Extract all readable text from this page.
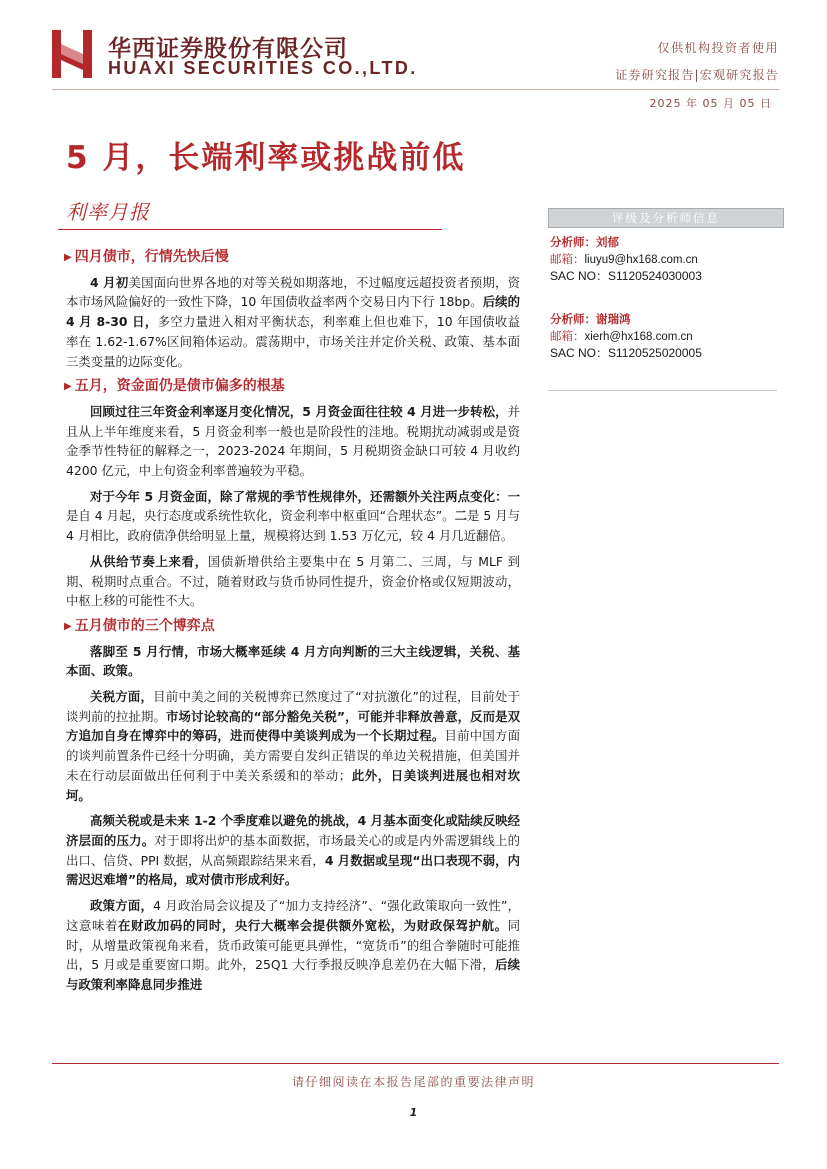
华西证券股份有限公司
HUAXI SECURITIES CO.,LTD.
仅供机构投资者使用
证券研究报告|宏观研究报告
2025 年 05 月 05 日
5 月，长端利率或挑战前低
利率月报
▶ 四月债市，行情先快后慢

4 月初美国面向世界各地的对等关税如期落地，不过幅度远超投资者预期，资本市场风险偏好的一致性下降，10 年国债收益率两个交易日内下行 18bp。后续的 4 月 8-30 日，多空力量进入相对平衡状态，利率难上但也难下，10 年国债收益率在 1.62-1.67%区间箱体运动。震荡期中，市场关注并定价关税、政策、基本面三类变量的边际变化。

▶ 五月，资金面仍是债市偏多的根基

回顾过往三年资金利率逐月变化情况，5 月资金面往往较 4 月进一步转松，并且从上半年维度来看，5 月资金利率一般也是阶段性的洼地。税期扰动减弱或是资金季节性特征的解释之一，2023-2024 年期间，5 月税期资金缺口可较 4 月收约 4200 亿元，中上旬资金利率普遍较为平稳。

对于今年 5 月资金面，除了常规的季节性规律外，还需额外关注两点变化：一是自 4 月起，央行态度或系统性软化，资金利率中枢重回“合理状态”。二是 5 月与 4 月相比，政府债净供给明显上量，规模将达到 1.53 万亿元，较 4 月几近翻倍。

从供给节奏上来看，国债新增供给主要集中在 5 月第二、三周，与 MLF 到期、税期时点重合。不过，随着财政与货币协同性提升，资金价格或仅短期波动，中枢上移的可能性不大。

▶ 五月债市的三个博弈点

落脚至 5 月行情，市场大概率延续 4 月方向判断的三大主线逻辑，关税、基本面、政策。

关税方面，目前中美之间的关税博弈已然度过了“对抗激化”的过程，目前处于谈判前的拉扯期。市场讨论较高的“部分豁免关税”，可能并非释放善意，反而是双方追加自身在博弈中的筹码，进而使得中美谈判成为一个长期过程。目前中国方面的谈判前置条件已经十分明确，美方需要自发纠正错误的单边关税措施，但美国并未在行动层面做出任何利于中美关系缓和的举动；此外，日美谈判进展也相对坎坷。

高频关税或是未来 1-2 个季度难以避免的挑战，4 月基本面变化或陆续反映经济层面的压力。对于即将出炉的基本面数据，市场最关心的或是内外需逻辑线上的出口、信贷、PPI 数据，从高频跟踪结果来看，4 月数据或呈现“出口表现不弱，内需迟迟难增”的格局，或对债市形成利好。

政策方面，4 月政治局会议提及了“加力支持经济”、“强化政策取向一致性”，这意味着在财政加码的同时，央行大概率会提供额外宽松，为财政保驾护航。同时，从增量政策视角来看，货币政策可能更具弹性，“宽货币”的组合拳随时可能推出，5 月或是重要窗口期。此外，25Q1 大行季报反映净息差仍在大幅下滑，后续与政策利率降息同步推进

评级及分析师信息
分析师：刘郁
邮箱：liuyu9@hx168.com.cn
SAC NO：S1120524030003
分析师：谢瑞鸿
邮箱：xierh@hx168.com.cn
SAC NO：S1120525020005
请仔细阅读在本报告尾部的重要法律声明
1
